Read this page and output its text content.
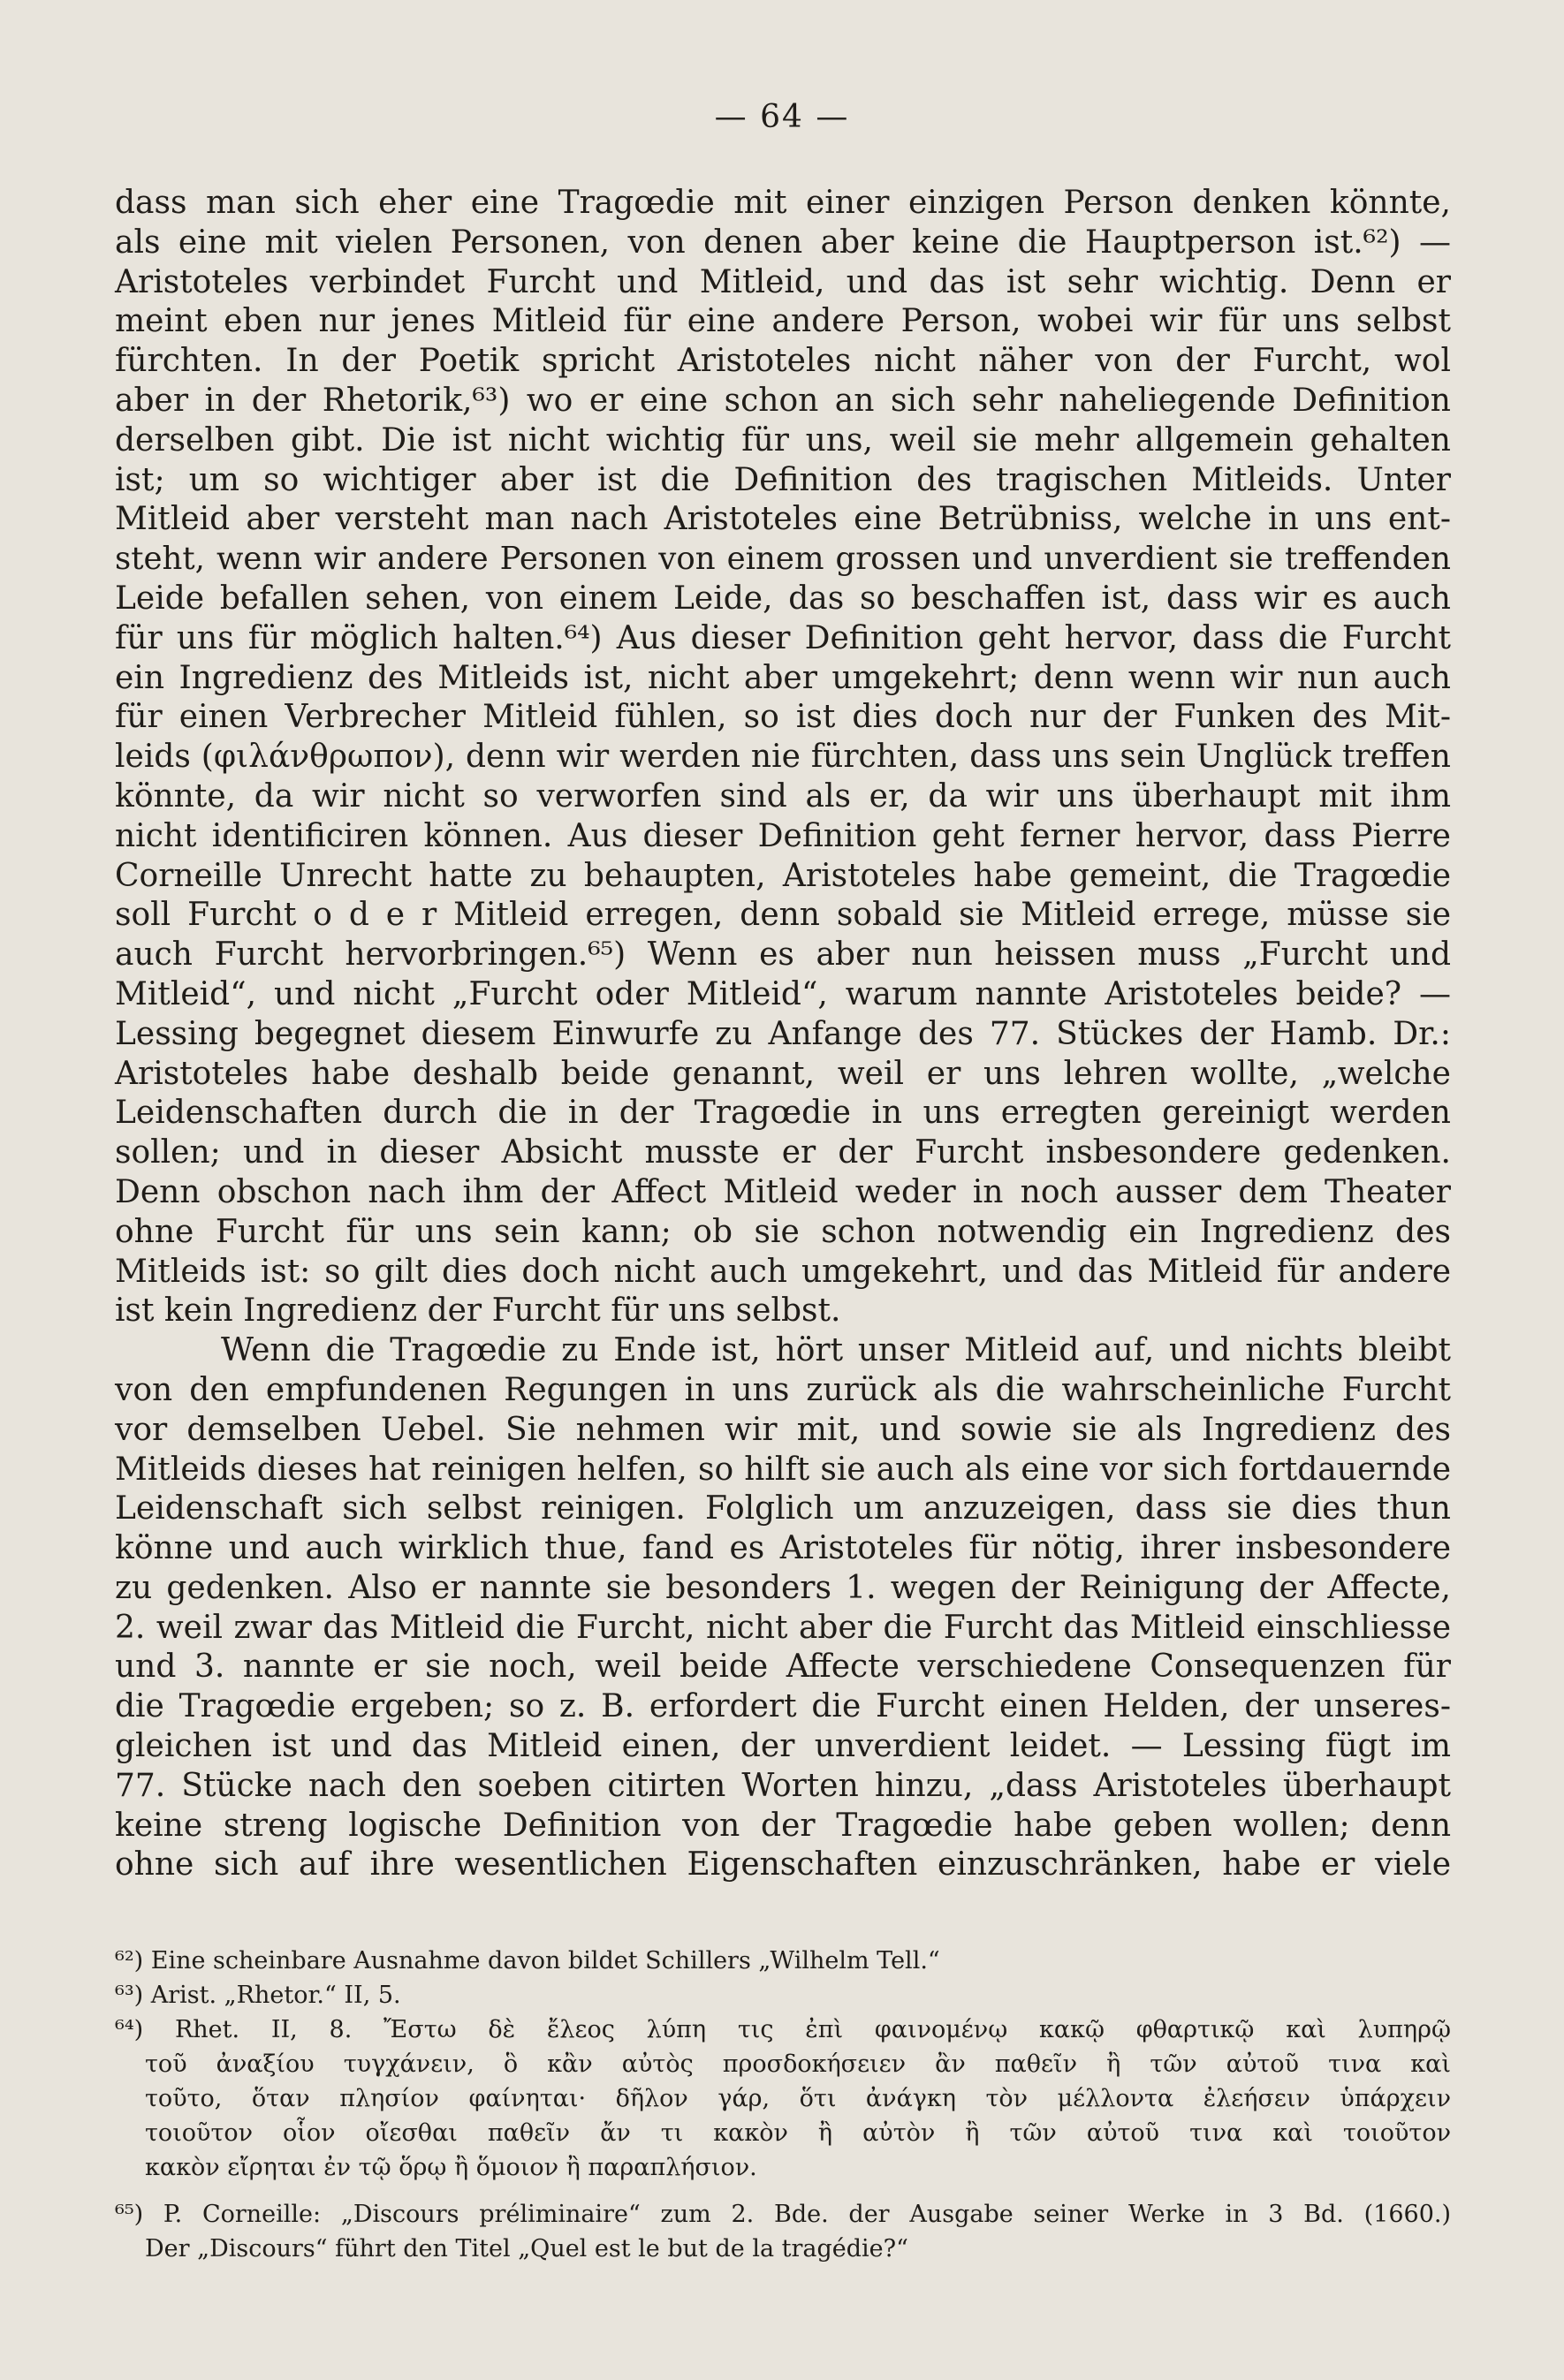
— 64 —
dass man sich eher eine Tragœdie mit einer einzigen Person denken könnte,
als eine mit vielen Personen, von denen aber keine die Hauptperson ist.⁶²) —
Aristoteles verbindet Furcht und Mitleid, und das ist sehr wichtig. Denn er
meint eben nur jenes Mitleid für eine andere Person, wobei wir für uns selbst
fürchten. In der Poetik spricht Aristoteles nicht näher von der Furcht, wol
aber in der Rhetorik,⁶³) wo er eine schon an sich sehr naheliegende Definition
derselben gibt. Die ist nicht wichtig für uns, weil sie mehr allgemein gehalten
ist; um so wichtiger aber ist die Definition des tragischen Mitleids. Unter
Mitleid aber versteht man nach Aristoteles eine Betrübniss, welche in uns ent-
steht, wenn wir andere Personen von einem grossen und unverdient sie treffenden
Leide befallen sehen, von einem Leide, das so beschaffen ist, dass wir es auch
für uns für möglich halten.⁶⁴) Aus dieser Definition geht hervor, dass die Furcht
ein Ingredienz des Mitleids ist, nicht aber umgekehrt; denn wenn wir nun auch
für einen Verbrecher Mitleid fühlen, so ist dies doch nur der Funken des Mit-
leids (φιλάνθρωπον), denn wir werden nie fürchten, dass uns sein Unglück treffen
könnte, da wir nicht so verworfen sind als er, da wir uns überhaupt mit ihm
nicht identificiren können. Aus dieser Definition geht ferner hervor, dass Pierre
Corneille Unrecht hatte zu behaupten, Aristoteles habe gemeint, die Tragœdie
soll Furcht o d e r Mitleid erregen, denn sobald sie Mitleid errege, müsse sie
auch Furcht hervorbringen.⁶⁵) Wenn es aber nun heissen muss „Furcht und
Mitleid“, und nicht „Furcht oder Mitleid“, warum nannte Aristoteles beide? —
Lessing begegnet diesem Einwurfe zu Anfange des 77. Stückes der Hamb. Dr.:
Aristoteles habe deshalb beide genannt, weil er uns lehren wollte, „welche
Leidenschaften durch die in der Tragœdie in uns erregten gereinigt werden
sollen; und in dieser Absicht musste er der Furcht insbesondere gedenken.
Denn obschon nach ihm der Affect Mitleid weder in noch ausser dem Theater
ohne Furcht für uns sein kann; ob sie schon notwendig ein Ingredienz des
Mitleids ist: so gilt dies doch nicht auch umgekehrt, und das Mitleid für andere
ist kein Ingredienz der Furcht für uns selbst.
Wenn die Tragœdie zu Ende ist, hört unser Mitleid auf, und nichts bleibt
von den empfundenen Regungen in uns zurück als die wahrscheinliche Furcht
vor demselben Uebel. Sie nehmen wir mit, und sowie sie als Ingredienz des
Mitleids dieses hat reinigen helfen, so hilft sie auch als eine vor sich fortdauernde
Leidenschaft sich selbst reinigen. Folglich um anzuzeigen, dass sie dies thun
könne und auch wirklich thue, fand es Aristoteles für nötig, ihrer insbesondere
zu gedenken. Also er nannte sie besonders 1. wegen der Reinigung der Affecte,
2. weil zwar das Mitleid die Furcht, nicht aber die Furcht das Mitleid einschliesse
und 3. nannte er sie noch, weil beide Affecte verschiedene Consequenzen für
die Tragœdie ergeben; so z. B. erfordert die Furcht einen Helden, der unseres-
gleichen ist und das Mitleid einen, der unverdient leidet. — Lessing fügt im
77. Stücke nach den soeben citirten Worten hinzu, „dass Aristoteles überhaupt
keine streng logische Definition von der Tragœdie habe geben wollen; denn
ohne sich auf ihre wesentlichen Eigenschaften einzuschränken, habe er viele
⁶²) Eine scheinbare Ausnahme davon bildet Schillers „Wilhelm Tell.“
⁶³) Arist. „Rhetor.“ II, 5.
⁶⁴) Rhet. II, 8. Ἔστω δὲ ἔλεος λύπη τις ἐπὶ φαινομένῳ κακῷ φθαρτικῷ καὶ λυπηρῷ
τοῦ ἀναξίου τυγχάνειν, ὃ κἂν αὐτὸς προσδοκήσειεν ἂν παθεῖν ἢ τῶν αὐτοῦ τινα καὶ
τοῦτο, ὅταν πλησίον φαίνηται· δῆλον γάρ, ὅτι ἀνάγκη τὸν μέλλοντα ἐλεήσειν ὑπάρχειν
τοιοῦτον οἷον οἴεσθαι παθεῖν ἄν τι κακὸν ἢ αὐτὸν ἢ τῶν αὐτοῦ τινα καὶ τοιοῦτον
κακὸν εἴρηται ἐν τῷ ὅρῳ ἢ ὅμοιον ἢ παραπλήσιον.
⁶⁵) P. Corneille: „Discours préliminaire“ zum 2. Bde. der Ausgabe seiner Werke in 3 Bd. (1660.)
Der „Discours“ führt den Titel „Quel est le but de la tragédie?“
